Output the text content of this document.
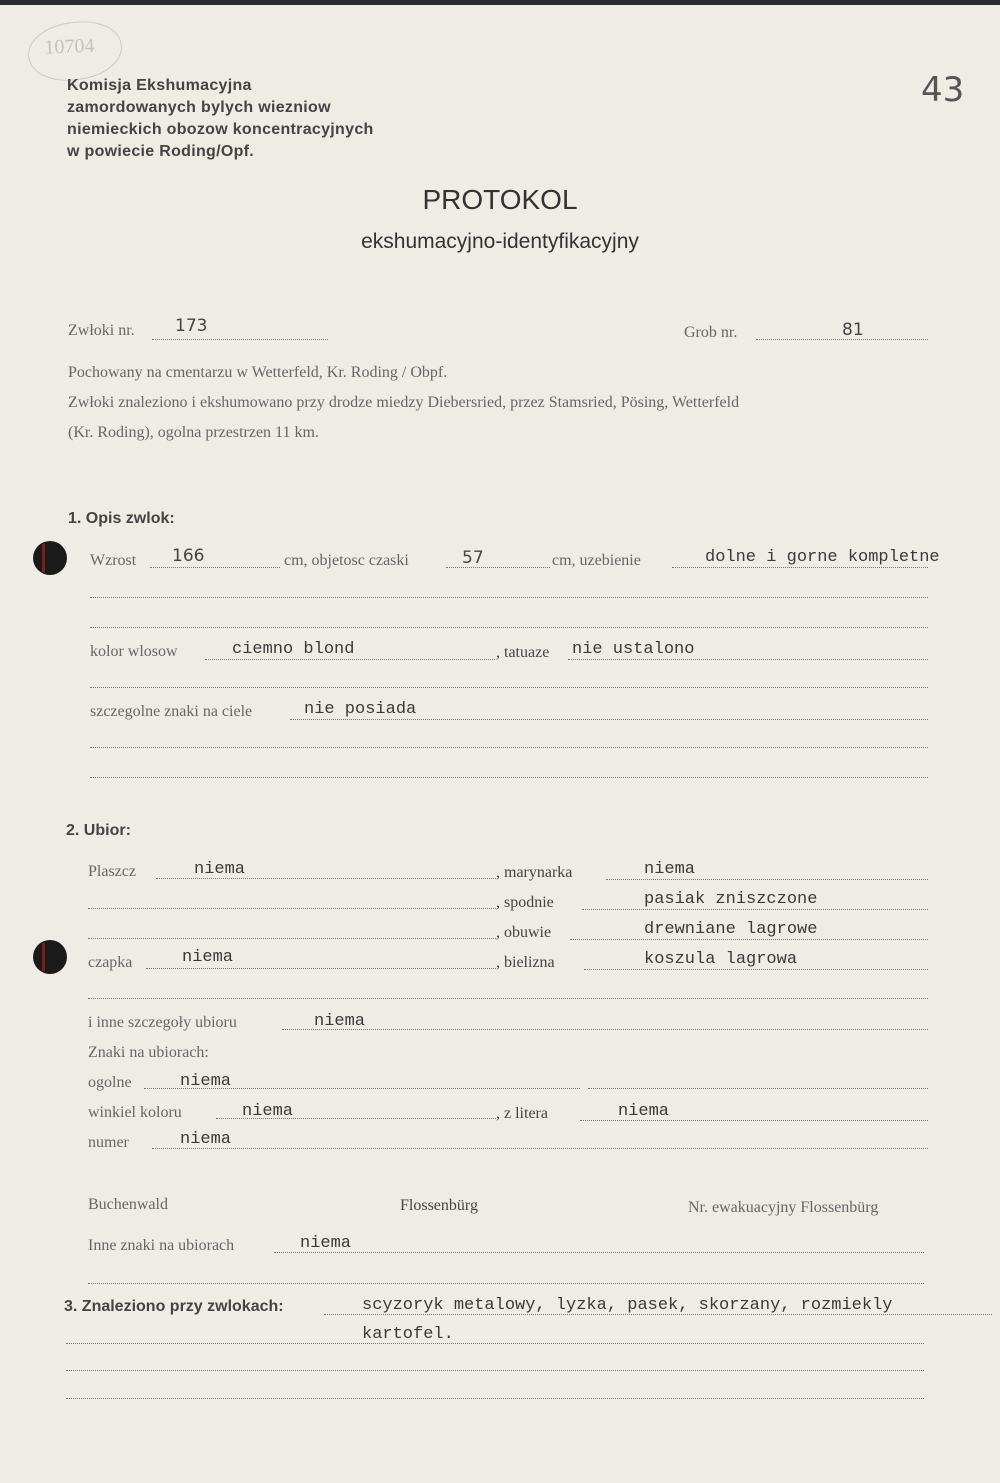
10704
43
Komisja Ekshumacyjna
zamordowanych bylych wiezniow
niemieckich obozow koncentracyjnych
w powiecie Roding/Opf.
PROTOKOL
ekshumacyjno-identyfikacyjny
Zwłoki nr. 173	Grob nr.	81
Pochowany na cmentarzu w Wetterfeld, Kr. Roding / Obpf.
Zwłoki znaleziono i ekshumowano przy drodze miedzy Diebersried, przez Stamsried, Pösing, Wetterfeld
(Kr. Roding), ogolna przestrzen 11 km.
1. Opis zwlok:
Wzrost 166	cm, objetosc czaski	57	cm, uzebienie	dolne i gorne kompletne
kolor wlosow	ciemno blond	, tatuaze nie ustalono
szczegolne znaki na ciele	nie posiada
2. Ubior:
Plaszcz	niema	, marynarka	niema
, spodnie	pasiak zniszczone
, obuwie	drewniane lagrowe
czapka	niema	, bielizna	koszula lagrowa
i inne szczegoły ubioru	niema
Znaki na ubiorach:
ogolne	niema
winkiel koloru	niema	, z litera	niema
numer	niema
Buchenwald	Flossenbürg	Nr. ewakuacyjny Flossenbürg
Inne znaki na ubiorach	niema
3. Znaleziono przy zwlokach:	scyzoryk metalowy, lyzka, pasek, skorzany, rozmiekly
kartofel.
